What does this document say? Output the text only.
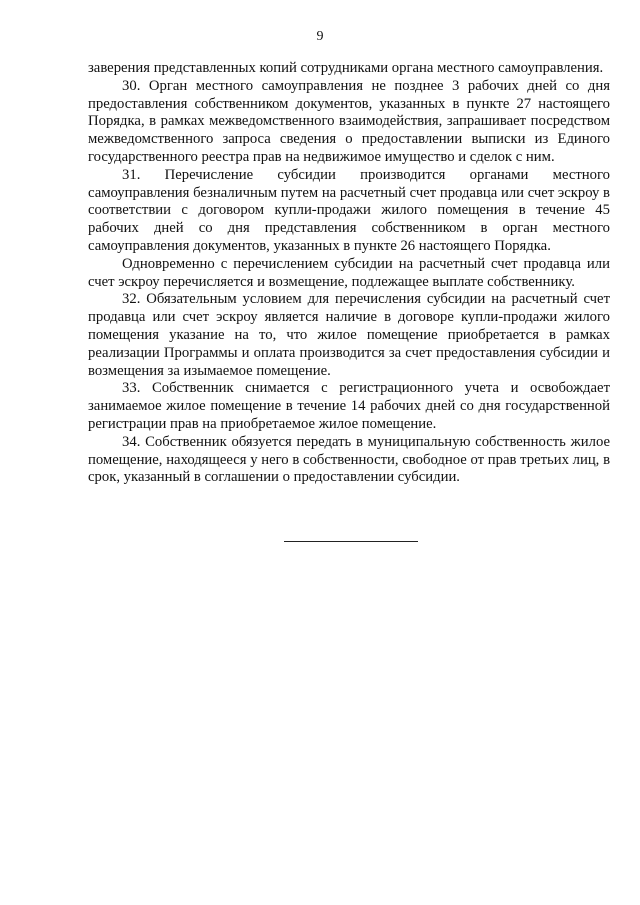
9

заверения представленных копий сотрудниками органа местного самоуправления.

30. Орган местного самоуправления не позднее 3 рабочих дней со дня предоставления собственником документов, указанных в пункте 27 настоящего Порядка, в рамках межведомственного взаимодействия, запрашивает посредством межведомственного запроса сведения о предоставлении выписки из Единого государственного реестра прав на недвижимое имущество и сделок с ним.

31. Перечисление субсидии производится органами местного самоуправления безналичным путем на расчетный счет продавца или счет эскроу в соответствии с договором купли-продажи жилого помещения в течение 45 рабочих дней со дня представления собственником в орган местного самоуправления документов, указанных в пункте 26 настоящего Порядка.

Одновременно с перечислением субсидии на расчетный счет продавца или счет эскроу перечисляется и возмещение, подлежащее выплате собственнику.

32. Обязательным условием для перечисления субсидии на расчетный счет продавца или счет эскроу является наличие в договоре купли-продажи жилого помещения указание на то, что жилое помещение приобретается в рамках реализации Программы и оплата производится за счет предоставления субсидии и возмещения за изымаемое помещение.

33. Собственник снимается с регистрационного учета и освобождает занимаемое жилое помещение в течение 14 рабочих дней со дня государственной регистрации прав на приобретаемое жилое помещение.

34. Собственник обязуется передать в муниципальную собственность жилое помещение, находящееся у него в собственности, свободное от прав третьих лиц, в срок, указанный в соглашении о предоставлении субсидии.
